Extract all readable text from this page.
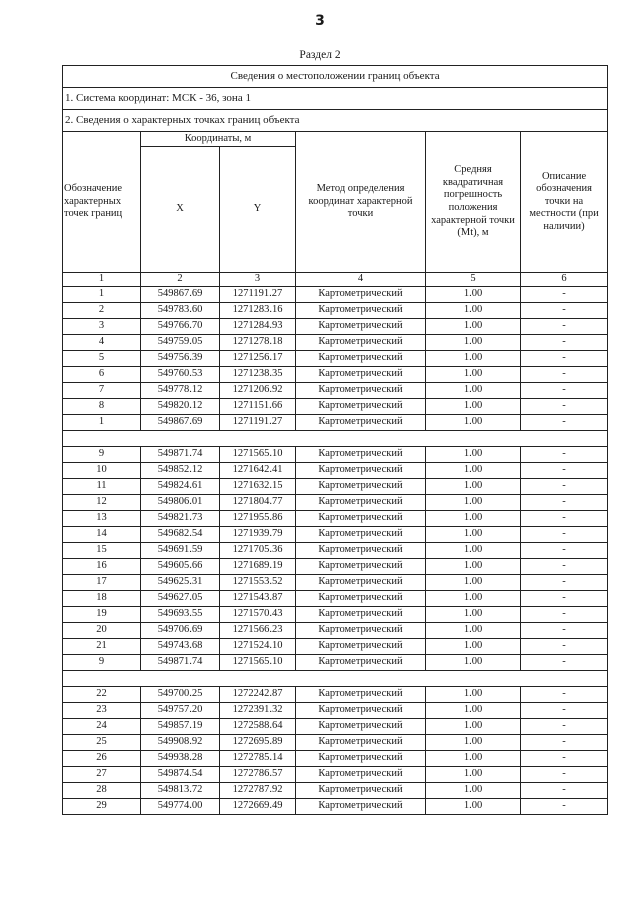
3
Раздел 2
Сведения о местоположении границ объекта					
1. Система координат: МСК - 36, зона 1					
2. Сведения о характерных точках границ объекта					
Обозначение характерных точек границ	Координаты, м		Метод определения координат характерной точки	Средняя квадратичная погрешность положения характерной точки (Mt), м	Описание обозначения точки на местности (при наличии)
	X	Y			
1	2	3	4	5	6
1	549867.69	1271191.27	Картометрический	1.00	-
2	549783.60	1271283.16	Картометрический	1.00	-
3	549766.70	1271284.93	Картометрический	1.00	-
4	549759.05	1271278.18	Картометрический	1.00	-
5	549756.39	1271256.17	Картометрический	1.00	-
6	549760.53	1271238.35	Картометрический	1.00	-
7	549778.12	1271206.92	Картометрический	1.00	-
8	549820.12	1271151.66	Картометрический	1.00	-
1	549867.69	1271191.27	Картометрический	1.00	-

9	549871.74	1271565.10	Картометрический	1.00	-
10	549852.12	1271642.41	Картометрический	1.00	-
11	549824.61	1271632.15	Картометрический	1.00	-
12	549806.01	1271804.77	Картометрический	1.00	-
13	549821.73	1271955.86	Картометрический	1.00	-
14	549682.54	1271939.79	Картометрический	1.00	-
15	549691.59	1271705.36	Картометрический	1.00	-
16	549605.66	1271689.19	Картометрический	1.00	-
17	549625.31	1271553.52	Картометрический	1.00	-
18	549627.05	1271543.87	Картометрический	1.00	-
19	549693.55	1271570.43	Картометрический	1.00	-
20	549706.69	1271566.23	Картометрический	1.00	-
21	549743.68	1271524.10	Картометрический	1.00	-
9	549871.74	1271565.10	Картометрический	1.00	-

22	549700.25	1272242.87	Картометрический	1.00	-
23	549757.20	1272391.32	Картометрический	1.00	-
24	549857.19	1272588.64	Картометрический	1.00	-
25	549908.92	1272695.89	Картометрический	1.00	-
26	549938.28	1272785.14	Картометрический	1.00	-
27	549874.54	1272786.57	Картометрический	1.00	-
28	549813.72	1272787.92	Картометрический	1.00	-
29	549774.00	1272669.49	Картометрический	1.00	-
